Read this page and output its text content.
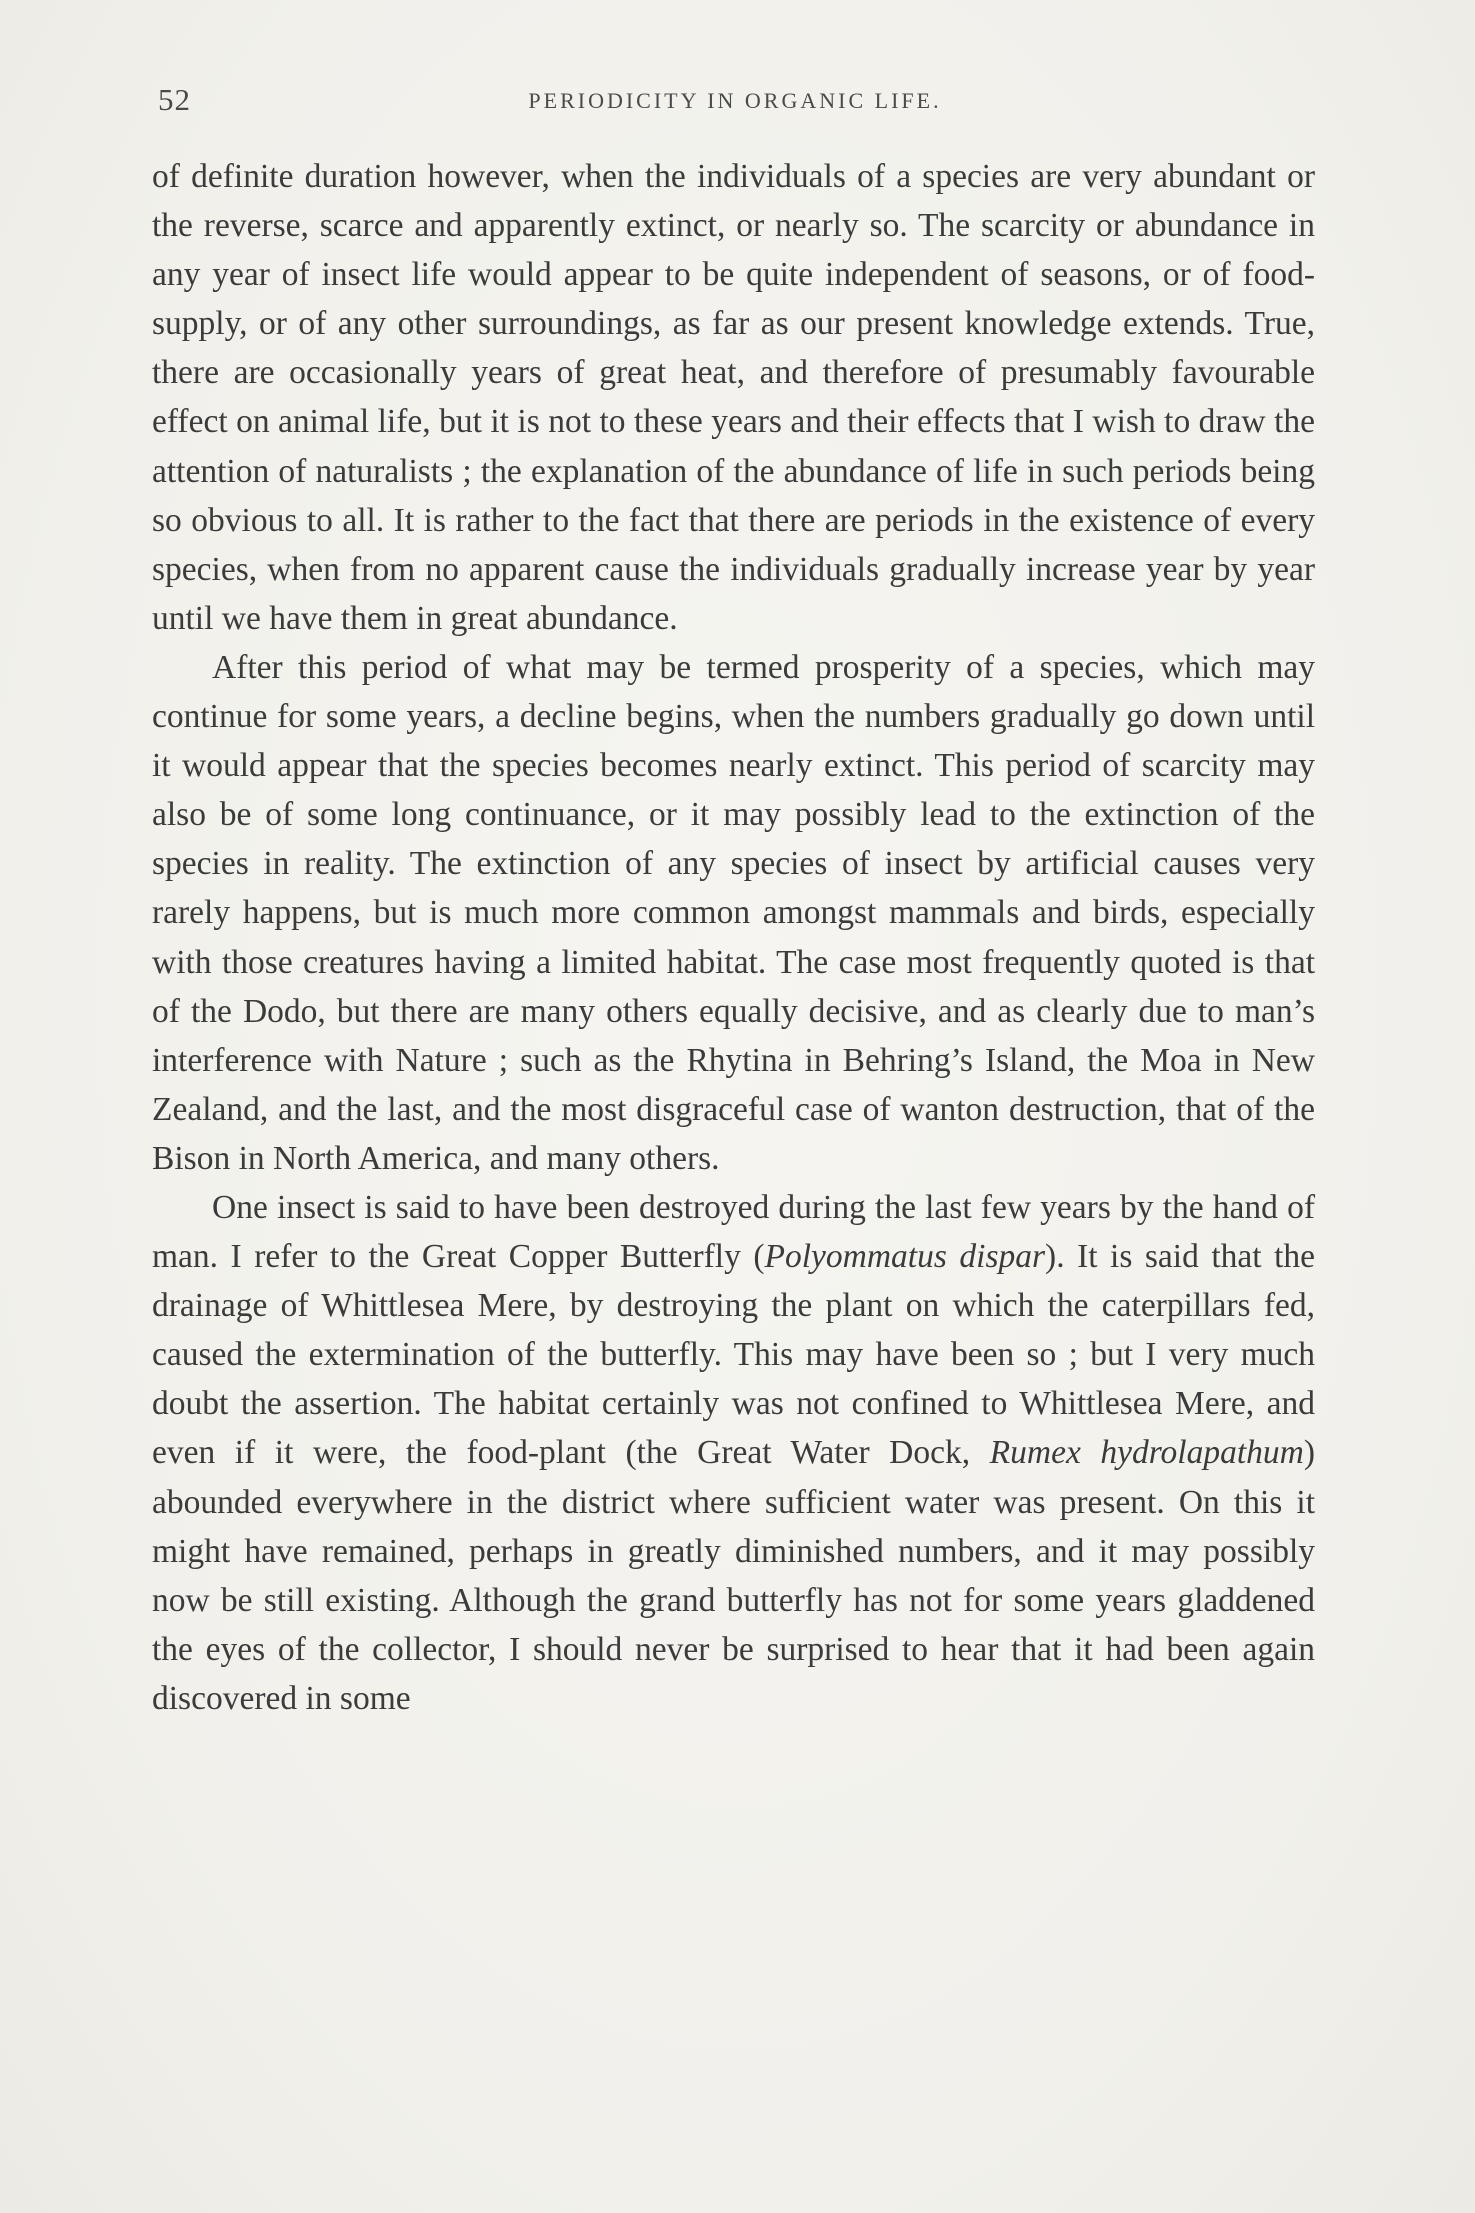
52	PERIODICITY IN ORGANIC LIFE.

of definite duration however, when the individuals of a species are very abundant or the reverse, scarce and apparently extinct, or nearly so. The scarcity or abundance in any year of insect life would appear to be quite independent of seasons, or of food-supply, or of any other surroundings, as far as our present knowledge extends. True, there are occasionally years of great heat, and therefore of presumably favourable effect on animal life, but it is not to these years and their effects that I wish to draw the attention of naturalists ; the explanation of the abundance of life in such periods being so obvious to all. It is rather to the fact that there are periods in the existence of every species, when from no apparent cause the individuals gradually increase year by year until we have them in great abundance.

After this period of what may be termed prosperity of a species, which may continue for some years, a decline begins, when the numbers gradually go down until it would appear that the species becomes nearly extinct. This period of scarcity may also be of some long continuance, or it may possibly lead to the extinction of the species in reality. The extinction of any species of insect by artificial causes very rarely happens, but is much more common amongst mammals and birds, especially with those creatures having a limited habitat. The case most frequently quoted is that of the Dodo, but there are many others equally decisive, and as clearly due to man’s interference with Nature ; such as the Rhytina in Behring’s Island, the Moa in New Zealand, and the last, and the most disgraceful case of wanton destruction, that of the Bison in North America, and many others.

One insect is said to have been destroyed during the last few years by the hand of man. I refer to the Great Copper Butterfly (Polyommatus dispar). It is said that the drainage of Whittlesea Mere, by destroying the plant on which the caterpillars fed, caused the extermination of the butterfly. This may have been so ; but I very much doubt the assertion. The habitat certainly was not confined to Whittlesea Mere, and even if it were, the food-plant (the Great Water Dock, Rumex hydrolapathum) abounded everywhere in the district where sufficient water was present. On this it might have remained, perhaps in greatly diminished numbers, and it may possibly now be still existing. Although the grand butterfly has not for some years gladdened the eyes of the collector, I should never be surprised to hear that it had been again discovered in some
